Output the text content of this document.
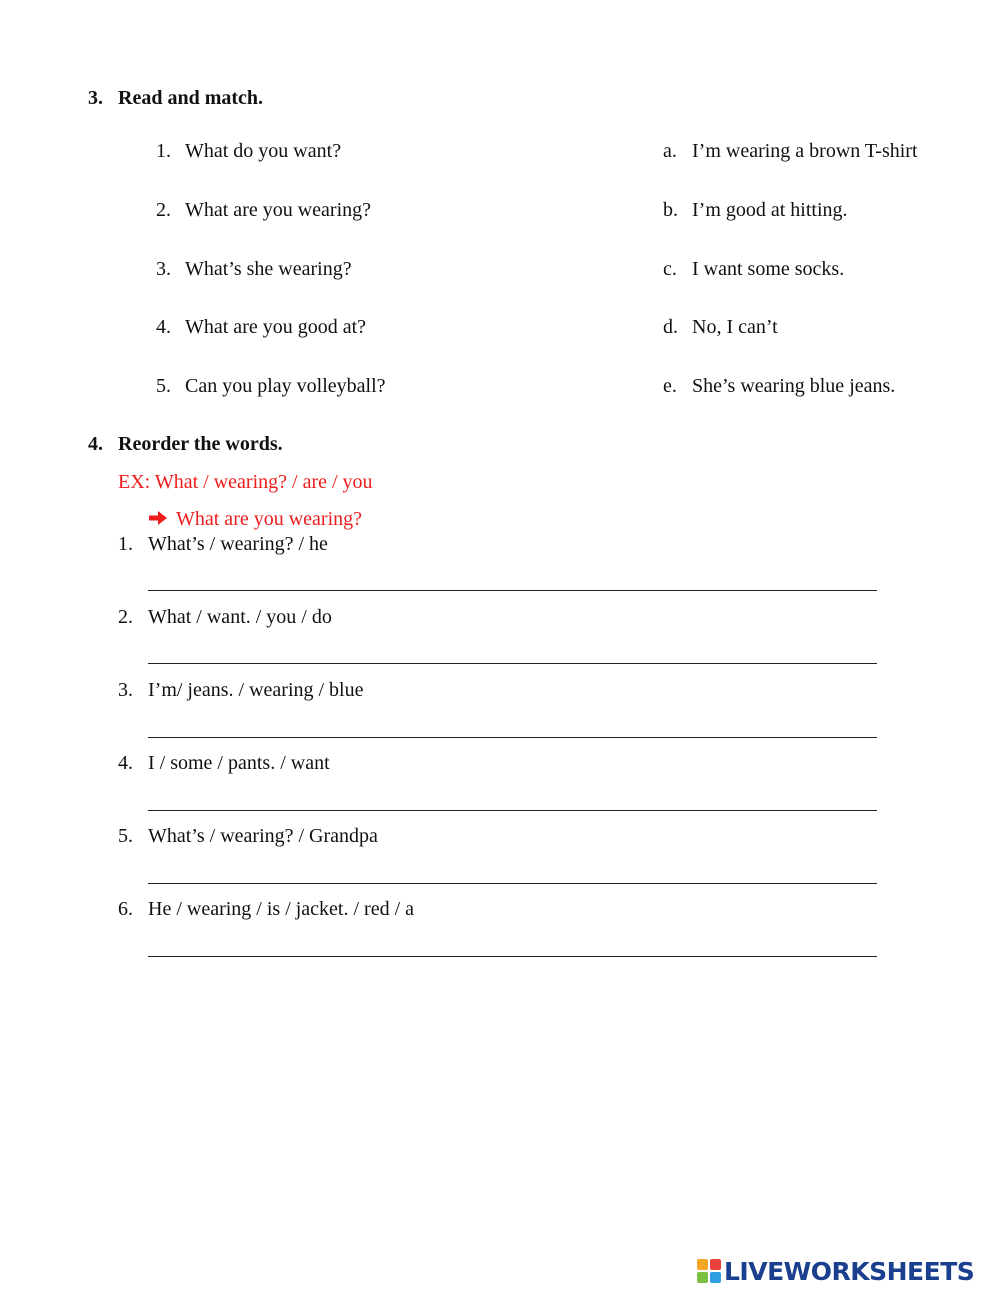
3. Read and match.
1. What do you want?
2. What are you wearing?
3. What’s she wearing?
4. What are you good at?
5. Can you play volleyball?
a. I’m wearing a brown T-shirt
b. I’m good at hitting.
c. I want some socks.
d. No, I can’t
e. She’s wearing blue jeans.
4. Reorder the words.
EX: What / wearing? / are / you
What are you wearing?
1. What’s / wearing? / he
2. What / want. / you / do
3. I’m/ jeans. / wearing / blue
4. I / some / pants. / want
5. What’s / wearing? / Grandpa
6. He / wearing / is / jacket. / red / a
LIVEWORKSHEETS
